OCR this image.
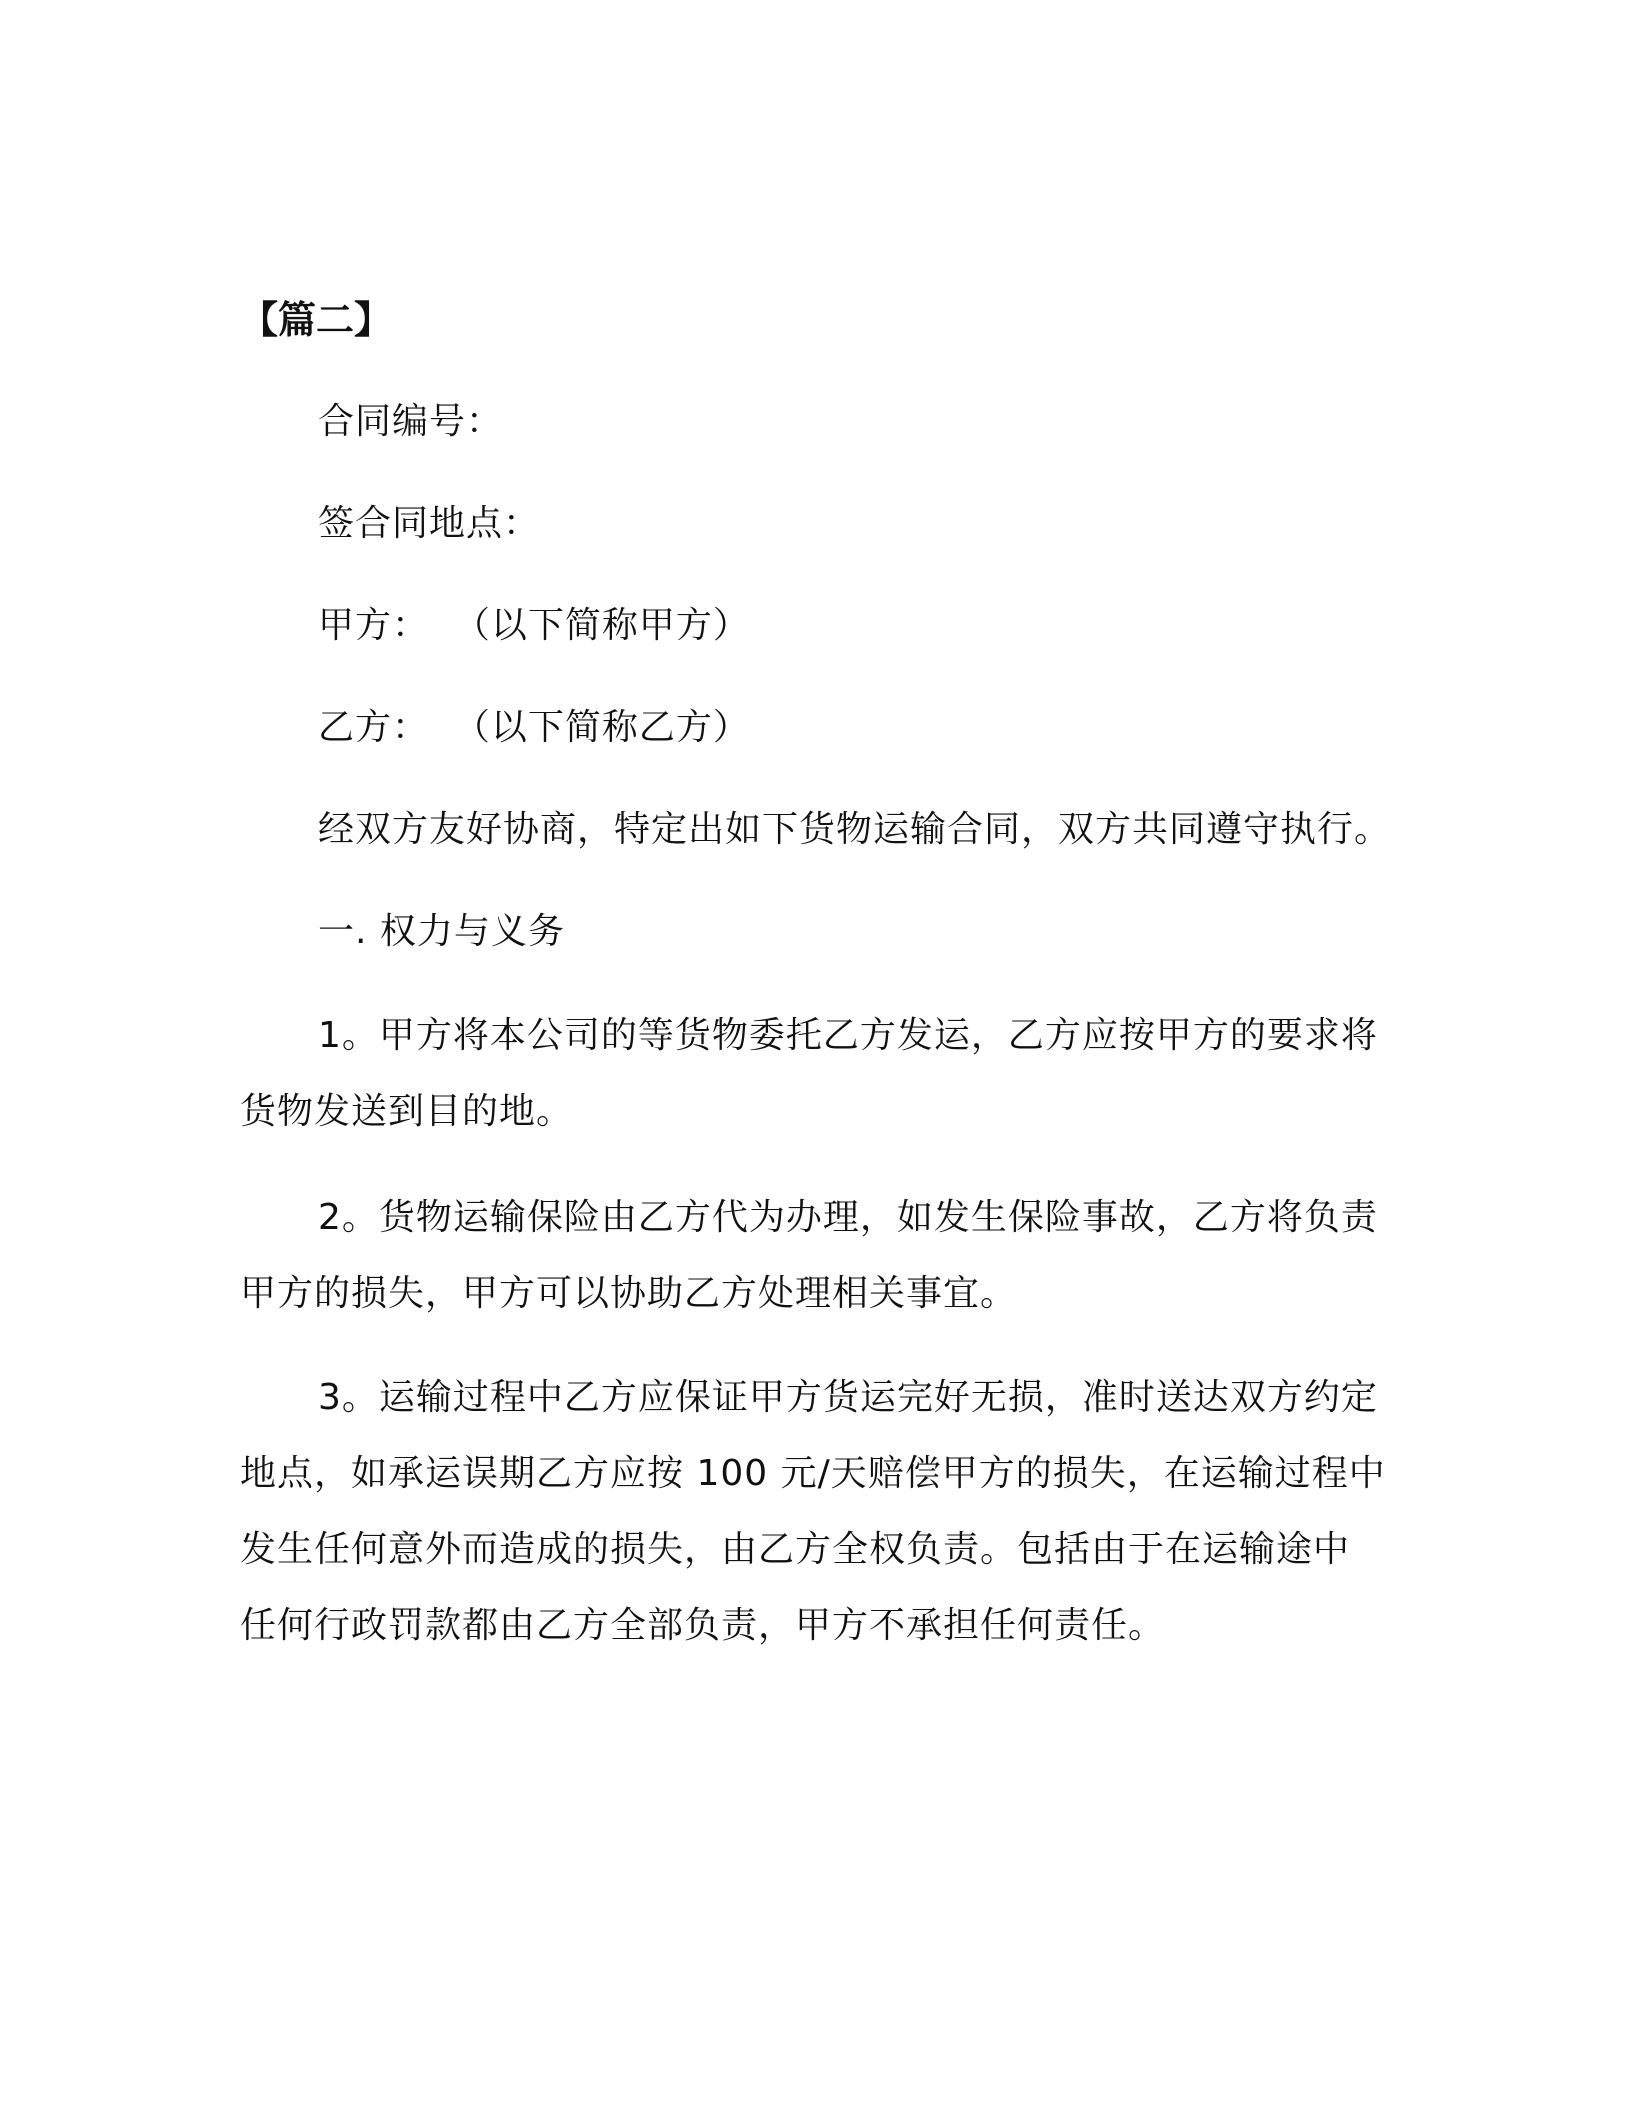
【篇二】
合同编号：
签合同地点：
甲方：  （以下简称甲方）
乙方：  （以下简称乙方）
经双方友好协商，特定出如下货物运输合同，双方共同遵守执行。
一. 权力与义务
1。甲方将本公司的等货物委托乙方发运，乙方应按甲方的要求将
货物发送到目的地。
2。货物运输保险由乙方代为办理，如发生保险事故，乙方将负责
甲方的损失，甲方可以协助乙方处理相关事宜。
3。运输过程中乙方应保证甲方货运完好无损，准时送达双方约定
地点，如承运误期乙方应按 100 元/天赔偿甲方的损失，在运输过程中
发生任何意外而造成的损失，由乙方全权负责。包括由于在运输途中
任何行政罚款都由乙方全部负责，甲方不承担任何责任。
